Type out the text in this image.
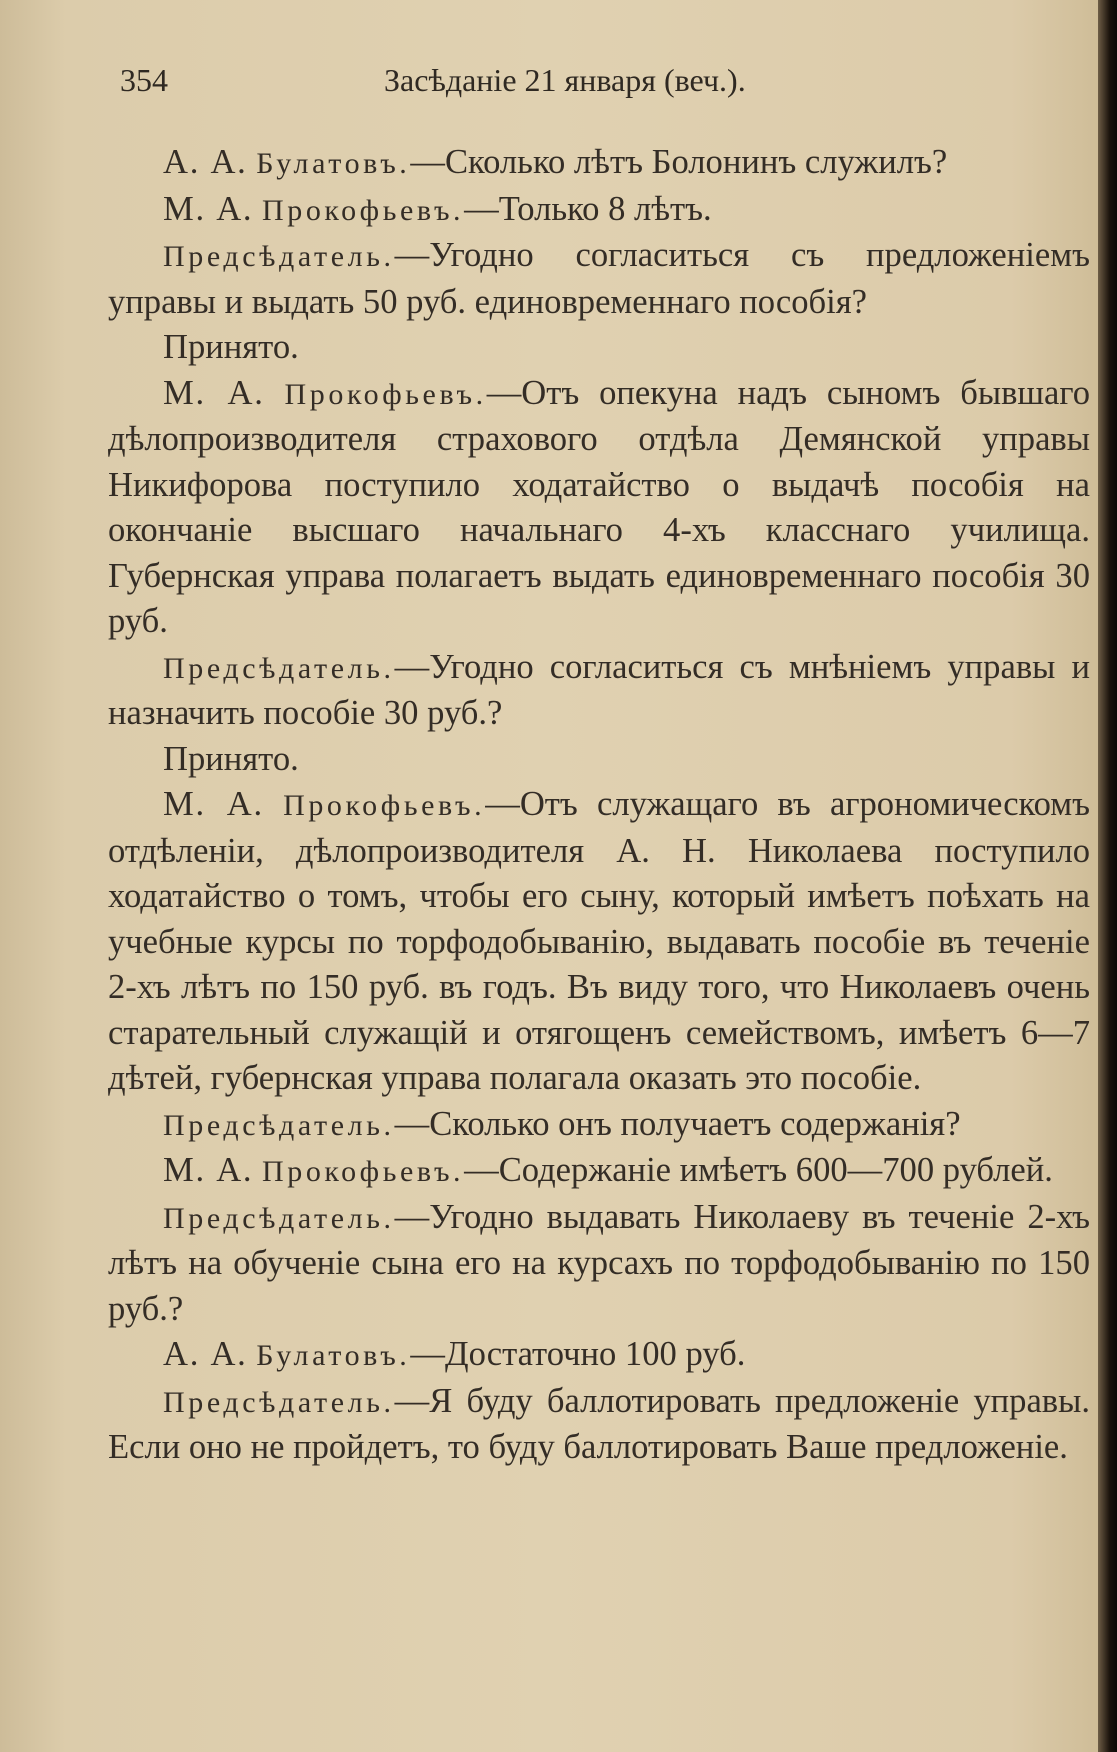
354	Засѣданіе 21 января (веч.).

А. А. Булатовъ.—Сколько лѣтъ Болонинъ служилъ?

М. А. Прокофьевъ.—Только 8 лѣтъ.

Предсѣдатель.—Угодно согласиться съ предложеніемъ управы и выдать 50 руб. единовременнаго пособія?

Принято.

М. А. Прокофьевъ.—Отъ опекуна надъ сыномъ бывшаго дѣлопроизводителя страхового отдѣла Демянской управы Никифорова поступило ходатайство о выдачѣ пособія на окончаніе высшаго начальнаго 4-хъ класснаго училища. Губернская управа полагаетъ выдать единовременнаго пособія 30 руб.

Предсѣдатель.—Угодно согласиться съ мнѣніемъ управы и назначить пособіе 30 руб.?

Принято.

М. А. Прокофьевъ.—Отъ служащаго въ агрономическомъ отдѣленіи, дѣлопроизводителя А. Н. Николаева поступило ходатайство о томъ, чтобы его сыну, который имѣетъ поѣхать на учебные курсы по торфодобыванію, выдавать пособіе въ теченіе 2-хъ лѣтъ по 150 руб. въ годъ. Въ виду того, что Николаевъ очень старательный служащій и отягощенъ семействомъ, имѣетъ 6—7 дѣтей, губернская управа полагала оказать это пособіе.

Предсѣдатель.—Сколько онъ получаетъ содержанія?

М. А. Прокофьевъ.—Содержаніе имѣетъ 600—700 рублей.

Предсѣдатель.—Угодно выдавать Николаеву въ теченіе 2-хъ лѣтъ на обученіе сына его на курсахъ по торфодобыванію по 150 руб.?

А. А. Булатовъ.—Достаточно 100 руб.

Предсѣдатель.—Я буду баллотировать предложеніе управы. Если оно не пройдетъ, то буду баллотировать Ваше предложеніе.
